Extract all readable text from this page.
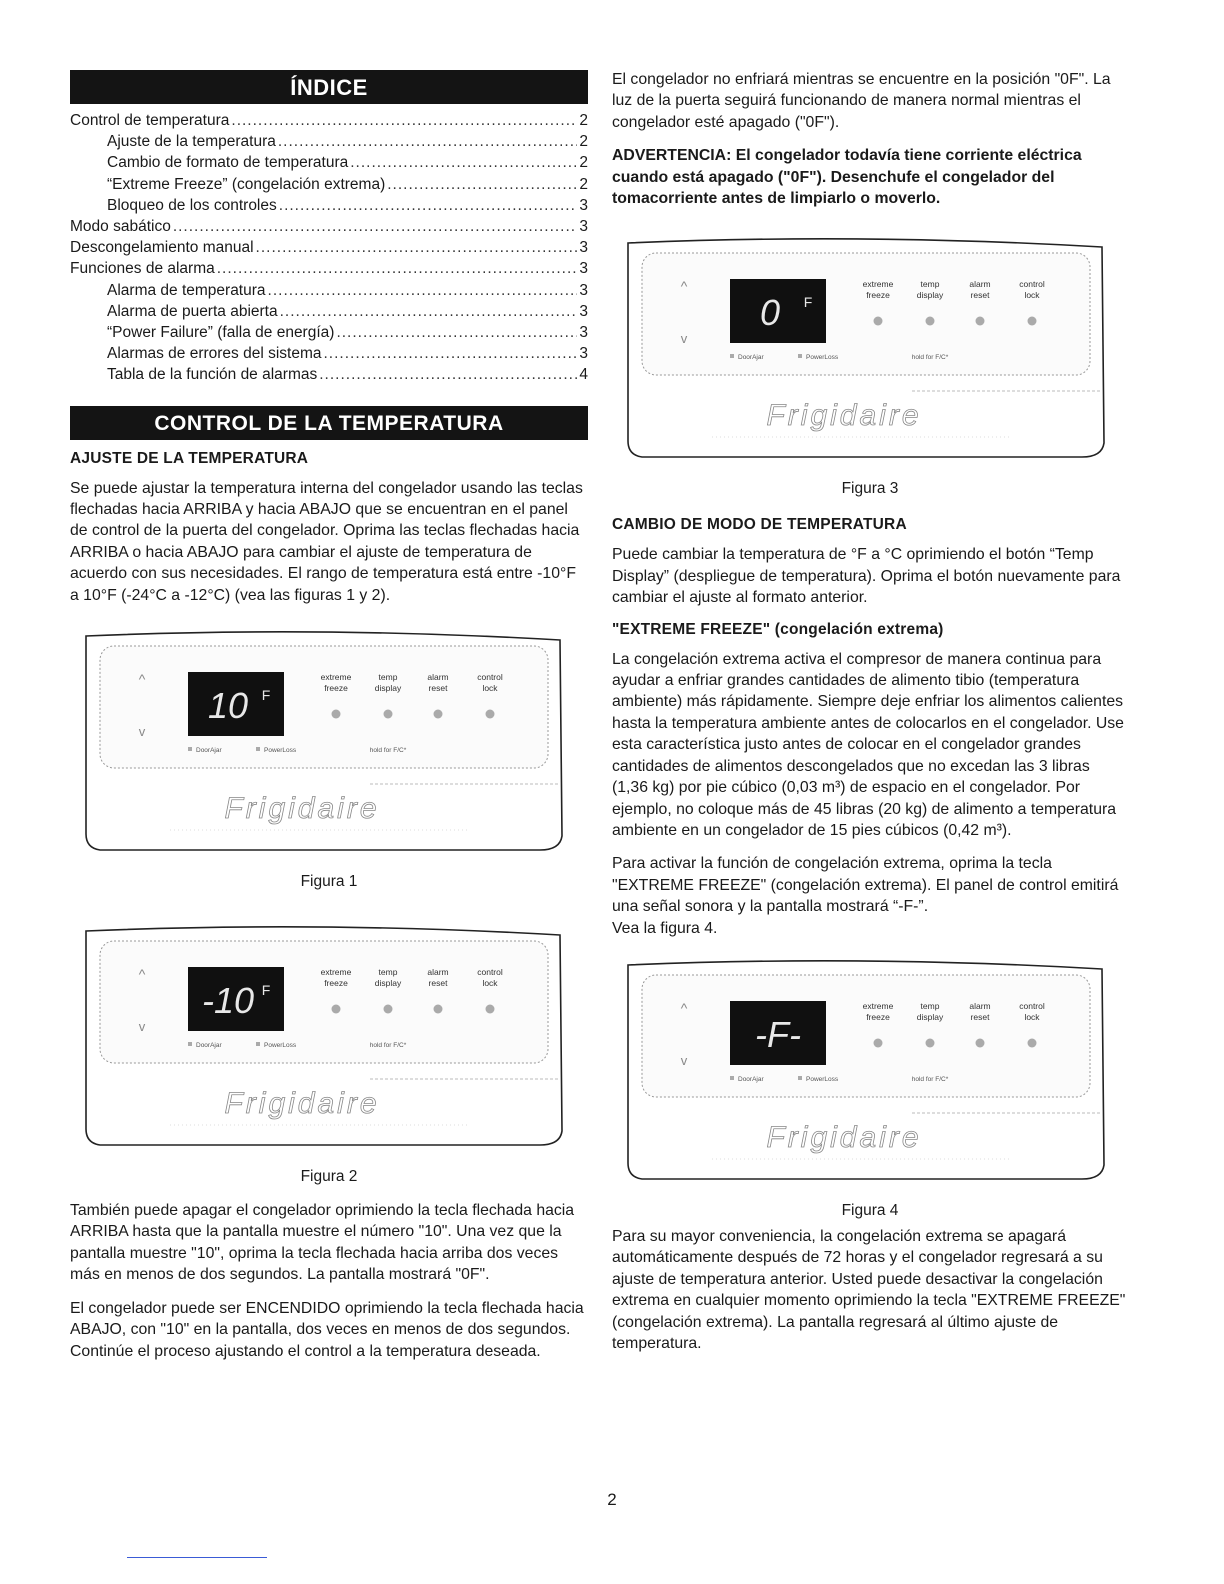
ÍNDICE
Control de temperatura .....	2
Ajuste de la temperatura .....	2
Cambio de formato de temperatura .....	2
“Extreme Freeze” (congelación extrema) .....	2
Bloqueo de los controles .....	3
Modo sabático .....	3
Descongelamiento manual .....	3
Funciones de alarma .....	3
Alarma de temperatura .....	3
Alarma de puerta abierta .....	3
“Power Failure” (falla de energía) .....	3
Alarmas de errores del sistema .....	3
Tabla de la función de alarmas .....	4
CONTROL DE LA TEMPERATURA
AJUSTE DE LA TEMPERATURA

Se puede ajustar la temperatura interna del congelador usando las teclas flechadas hacia ARRIBA y hacia ABAJO que se encuentran en el panel de control de la puerta del congelador. Oprima las teclas flechadas hacia ARRIBA o hacia ABAJO para cambiar el ajuste de temperatura de acuerdo con sus necesidades. El rango de temperatura está entre -10°F a 10°F (-24°C a -12°C) (vea las figuras 1 y 2).

^
v
10 F
extreme
freeze
temp
display
alarm
reset
control
lock
DoorAjar	PowerLoss	hold for F/C*
Frigidaire
Figura 1
^
v
-10 F
extreme
freeze
temp
display
alarm
reset
control
lock
DoorAjar	PowerLoss	hold for F/C*
Frigidaire
Figura 2

También puede apagar el congelador oprimiendo la tecla flechada hacia ARRIBA hasta que la pantalla muestre el número "10". Una vez que la pantalla muestre "10", oprima la tecla flechada hacia arriba dos veces más en menos de dos segundos. La pantalla mostrará "0F".

El congelador puede ser ENCENDIDO oprimiendo la tecla flechada hacia ABAJO, con "10" en la pantalla, dos veces en menos de dos segundos. Continúe el proceso ajustando el control a la temperatura deseada.

El congelador no enfriará mientras se encuentre en la posición "0F". La luz de la puerta seguirá funcionando de manera normal mientras el congelador esté apagado ("0F").

ADVERTENCIA: El congelador todavía tiene corriente eléctrica cuando está apagado ("0F"). Desenchufe el congelador del tomacorriente antes de limpiarlo o moverlo.

^
v
0 F
extreme
freeze
temp
display
alarm
reset
control
lock
DoorAjar	PowerLoss	hold for F/C*
Frigidaire
Figura 3
CAMBIO DE MODO DE TEMPERATURA

Puede cambiar la temperatura de °F a °C oprimiendo el botón “Temp Display” (despliegue de temperatura). Oprima el botón nuevamente para cambiar el ajuste al formato anterior.

"EXTREME FREEZE" (congelación extrema)

La congelación extrema activa el compresor de manera continua para ayudar a enfriar grandes cantidades de alimento tibio (temperatura ambiente) más rápidamente. Siempre deje enfriar los alimentos calientes hasta la temperatura ambiente antes de colocarlos en el congelador. Use esta característica justo antes de colocar en el congelador grandes cantidades de alimentos descongelados que no excedan las 3 libras (1,36 kg) por pie cúbico (0,03 m³) de espacio en el congelador. Por ejemplo, no coloque más de 45 libras (20 kg) de alimento a temperatura ambiente en un congelador de 15 pies cúbicos (0,42 m³).

Para activar la función de congelación extrema, oprima la tecla "EXTREME FREEZE" (congelación extrema). El panel de control emitirá una señal sonora y la pantalla mostrará “-F-”.

Vea la figura 4.

^
v
-F-
extreme
freeze
temp
display
alarm
reset
control
lock
DoorAjar	PowerLoss	hold for F/C*
Frigidaire
Figura 4

Para su mayor conveniencia, la congelación extrema se apagará automáticamente después de 72 horas y el congelador regresará a su ajuste de temperatura anterior. Usted puede desactivar la congelación extrema en cualquier momento oprimiendo la tecla "EXTREME FREEZE" (congelación extrema). La pantalla regresará al último ajuste de temperatura.

2
